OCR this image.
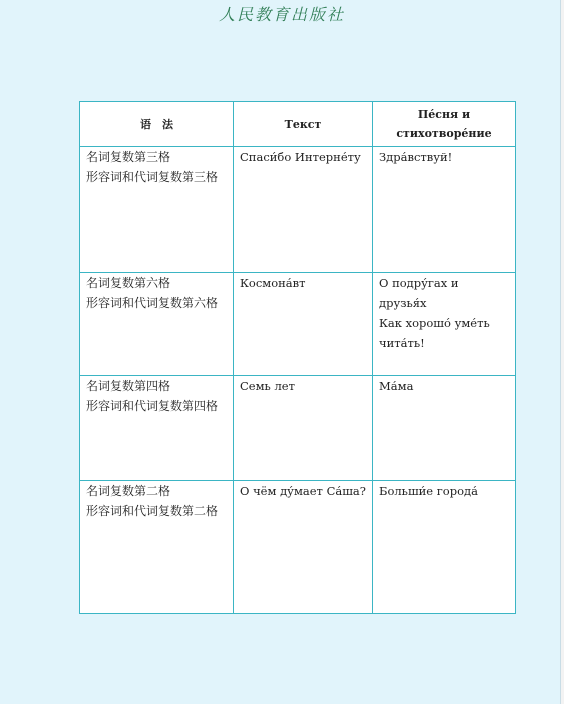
人民教育出版社
语　法	Текст	Пе́сня и стихотворе́ние

名词复数第三格
形容词和代词复数第三格	Спаси́бо Интерне́ту	Здра́вствуй!

名词复数第六格
形容词和代词复数第六格	Космона́вт	О подру́гах и друзья́х
Как хорошо́ уме́ть чита́ть!

名词复数第四格
形容词和代词复数第四格	Семь лет	Ма́ма

名词复数第二格
形容词和代词复数第二格	О чём ду́мает Са́ша?	Больши́е города́
